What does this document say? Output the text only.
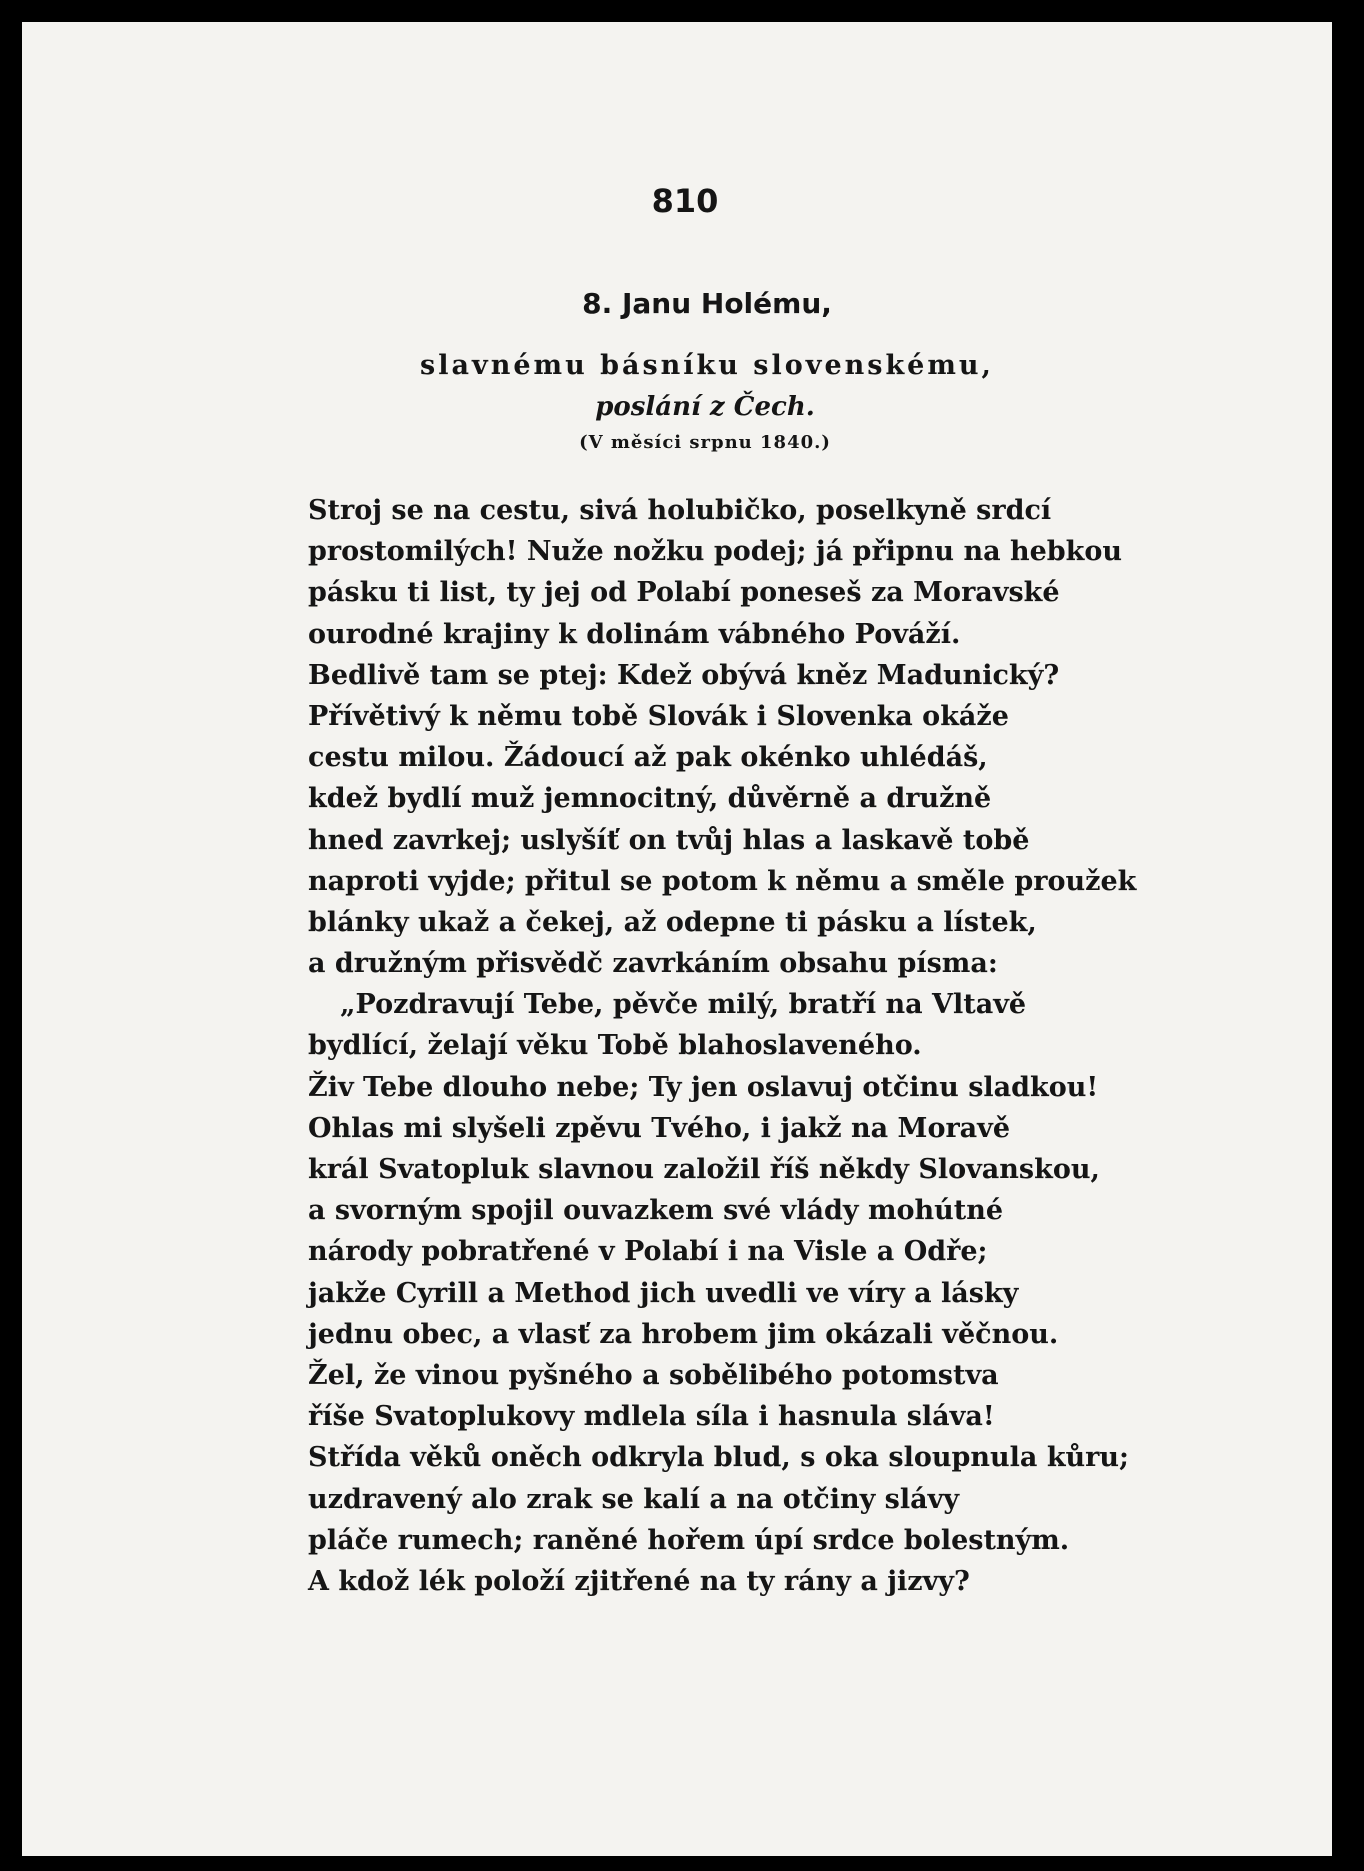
810
8. Janu Holému,
slavnému básníku slovenskému,
poslání z Čech.
(V měsíci srpnu 1840.)
Stroj se na cestu, sivá holubičko, poselkyně srdcí
prostomilých! Nuže nožku podej; já připnu na hebkou
pásku ti list, ty jej od Polabí poneseš za Moravské
ourodné krajiny k dolinám vábného Pováží.
Bedlivě tam se ptej: Kdež obývá kněz Madunický?
Přívětivý k němu tobě Slovák i Slovenka okáže
cestu milou. Žádoucí až pak okénko uhlédáš,
kdež bydlí muž jemnocitný, důvěrně a družně
hned zavrkej; uslyšíť on tvůj hlas a laskavě tobě
naproti vyjde; přitul se potom k němu a směle proužek
blánky ukaž a čekej, až odepne ti pásku a lístek,
a družným přisvědč zavrkáním obsahu písma:
„Pozdravují Tebe, pěvče milý, bratří na Vltavě
bydlící, želají věku Tobě blahoslaveného.
Živ Tebe dlouho nebe; Ty jen oslavuj otčinu sladkou!
Ohlas mi slyšeli zpěvu Tvého, i jakž na Moravě
král Svatopluk slavnou založil říš někdy Slovanskou,
a svorným spojil ouvazkem své vlády mohútné
národy pobratřené v Polabí i na Visle a Odře;
jakže Cyrill a Method jich uvedli ve víry a lásky
jednu obec, a vlasť za hrobem jim okázali věčnou.
Žel, že vinou pyšného a sobělibého potomstva
říše Svatoplukovy mdlela síla i hasnula sláva!
Střída věků oněch odkryla blud, s oka sloupnula kůru;
uzdravený alo zrak se kalí a na otčiny slávy
pláče rumech; raněné hořem úpí srdce bolestným.
A kdož lék položí zjitřené na ty rány a jizvy?
